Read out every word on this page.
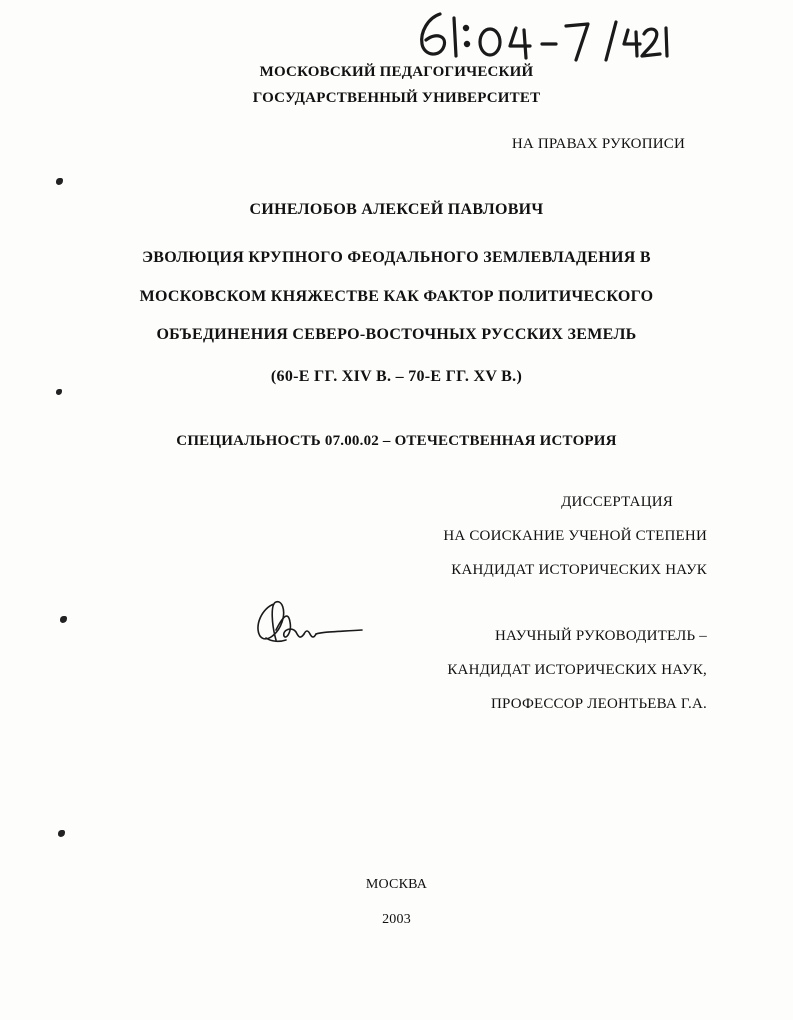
МОСКОВСКИЙ ПЕДАГОГИЧЕСКИЙ
ГОСУДАРСТВЕННЫЙ УНИВЕРСИТЕТ
НА ПРАВАХ РУКОПИСИ
СИНЕЛОБОВ АЛЕКСЕЙ ПАВЛОВИЧ
ЭВОЛЮЦИЯ КРУПНОГО ФЕОДАЛЬНОГО ЗЕМЛЕВЛАДЕНИЯ В
МОСКОВСКОМ КНЯЖЕСТВЕ КАК ФАКТОР ПОЛИТИЧЕСКОГО
ОБЪЕДИНЕНИЯ СЕВЕРО-ВОСТОЧНЫХ РУССКИХ ЗЕМЕЛЬ
(60-Е ГГ. XIV В. – 70-Е ГГ. XV В.)
СПЕЦИАЛЬНОСТЬ 07.00.02 – ОТЕЧЕСТВЕННАЯ ИСТОРИЯ
ДИССЕРТАЦИЯ
НА СОИСКАНИЕ УЧЕНОЙ СТЕПЕНИ
КАНДИДАТ ИСТОРИЧЕСКИХ НАУК
НАУЧНЫЙ РУКОВОДИТЕЛЬ –
КАНДИДАТ ИСТОРИЧЕСКИХ НАУК,
ПРОФЕССОР ЛЕОНТЬЕВА Г.А.
МОСКВА
2003
